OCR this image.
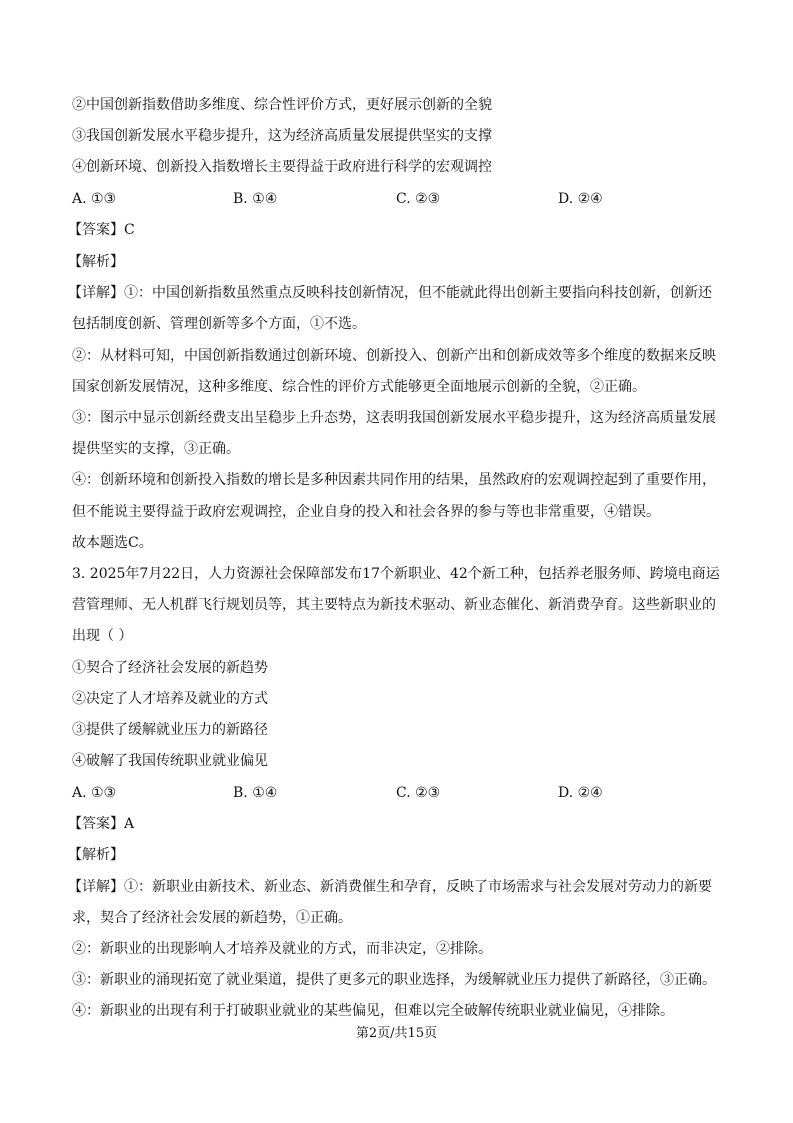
②中国创新指数借助多维度、综合性评价方式，更好展示创新的全貌
③我国创新发展水平稳步提升，这为经济高质量发展提供坚实的支撑
④创新环境、创新投入指数增长主要得益于政府进行科学的宏观调控
A. ①③	B. ①④	C. ②③	D. ②④
【答案】C
【解析】
【详解】①：中国创新指数虽然重点反映科技创新情况，但不能就此得出创新主要指向科技创新，创新还
包括制度创新、管理创新等多个方面，①不选。
②：从材料可知，中国创新指数通过创新环境、创新投入、创新产出和创新成效等多个维度的数据来反映
国家创新发展情况，这种多维度、综合性的评价方式能够更全面地展示创新的全貌，②正确。
③：图示中显示创新经费支出呈稳步上升态势，这表明我国创新发展水平稳步提升，这为经济高质量发展
提供坚实的支撑，③正确。
④：创新环境和创新投入指数的增长是多种因素共同作用的结果，虽然政府的宏观调控起到了重要作用，
但不能说主要得益于政府宏观调控，企业自身的投入和社会各界的参与等也非常重要，④错误。
故本题选C。
3. 2025年7月22日，人力资源社会保障部发布17个新职业、42个新工种，包括养老服务师、跨境电商运
营管理师、无人机群飞行规划员等，其主要特点为新技术驱动、新业态催化、新消费孕育。这些新职业的
出现（ ）
①契合了经济社会发展的新趋势
②决定了人才培养及就业的方式
③提供了缓解就业压力的新路径
④破解了我国传统职业就业偏见
A. ①③	B. ①④	C. ②③	D. ②④
【答案】A
【解析】
【详解】①：新职业由新技术、新业态、新消费催生和孕育，反映了市场需求与社会发展对劳动力的新要
求，契合了经济社会发展的新趋势，①正确。
②：新职业的出现影响人才培养及就业的方式，而非决定，②排除。
③：新职业的涌现拓宽了就业渠道，提供了更多元的职业选择，为缓解就业压力提供了新路径，③正确。
④：新职业的出现有利于打破职业就业的某些偏见，但难以完全破解传统职业就业偏见，④排除。
第2页/共15页
